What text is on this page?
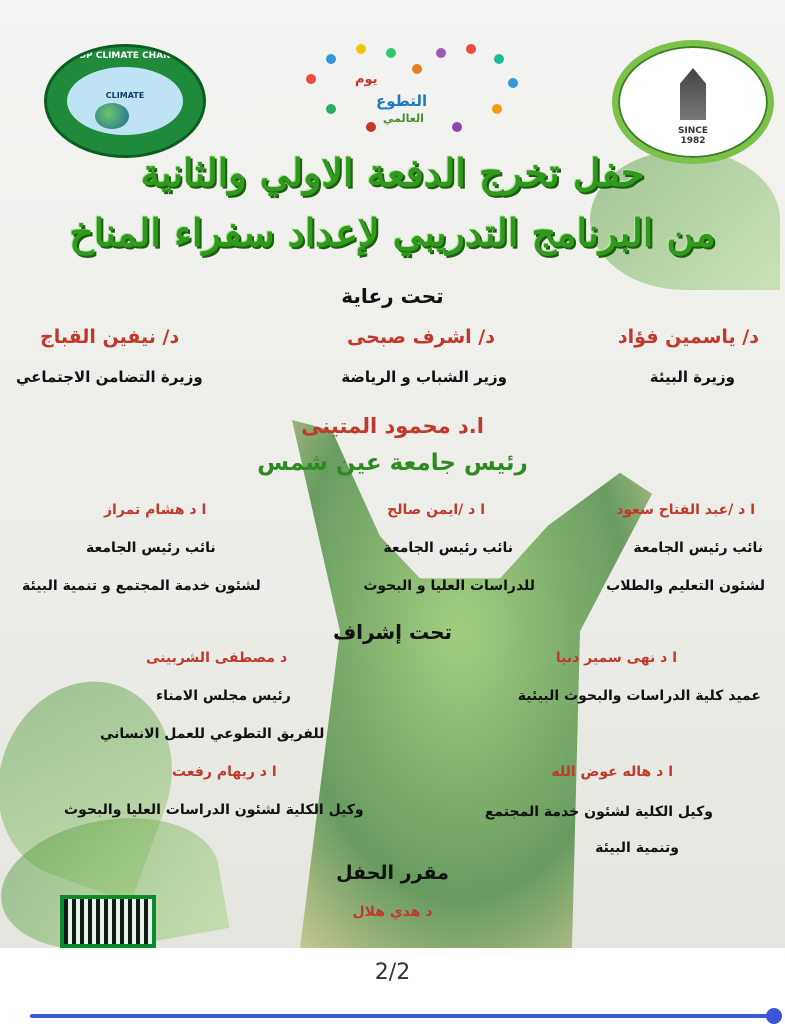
STOP CLIMATE CHANGE
CLIMATE
يوم
التطوع
العالمي
SINCE 1982
حفل تخرج الدفعة الاولي والثانية
من البرنامج التدريبي لإعداد سفراء المناخ
تحت رعاية
د/ ياسمين فؤاد
وزيرة البيئة
د/ اشرف صبحى
وزير الشباب و الرياضة
د/ نيفين القباج
وزيرة التضامن الاجتماعي
ا.د محمود المتينى
رئيس جامعة عين شمس
ا د /عبد الفتاح سعود
نائب رئيس الجامعة
لشئون التعليم والطلاب
ا د /ايمن صالح
نائب رئيس الجامعة
للدراسات العليا و البحوث
ا د هشام تمراز
نائب رئيس الجامعة
لشئون خدمة المجتمع و تنمية البيئة
تحت إشراف
ا د نهى سمير دنيا
عميد كلية الدراسات والبحوث البيئية
ا د هاله عوض الله
وكيل الكلية لشئون خدمة المجتمع
وتنمية البيئة
د مصطفى الشربينى
رئيس مجلس الامناء
للفريق التطوعي للعمل الانساني
ا د ريهام رفعت
وكيل الكلية لشئون الدراسات العليا والبحوث
مقرر الحفل
د هدي هلال
2/2
